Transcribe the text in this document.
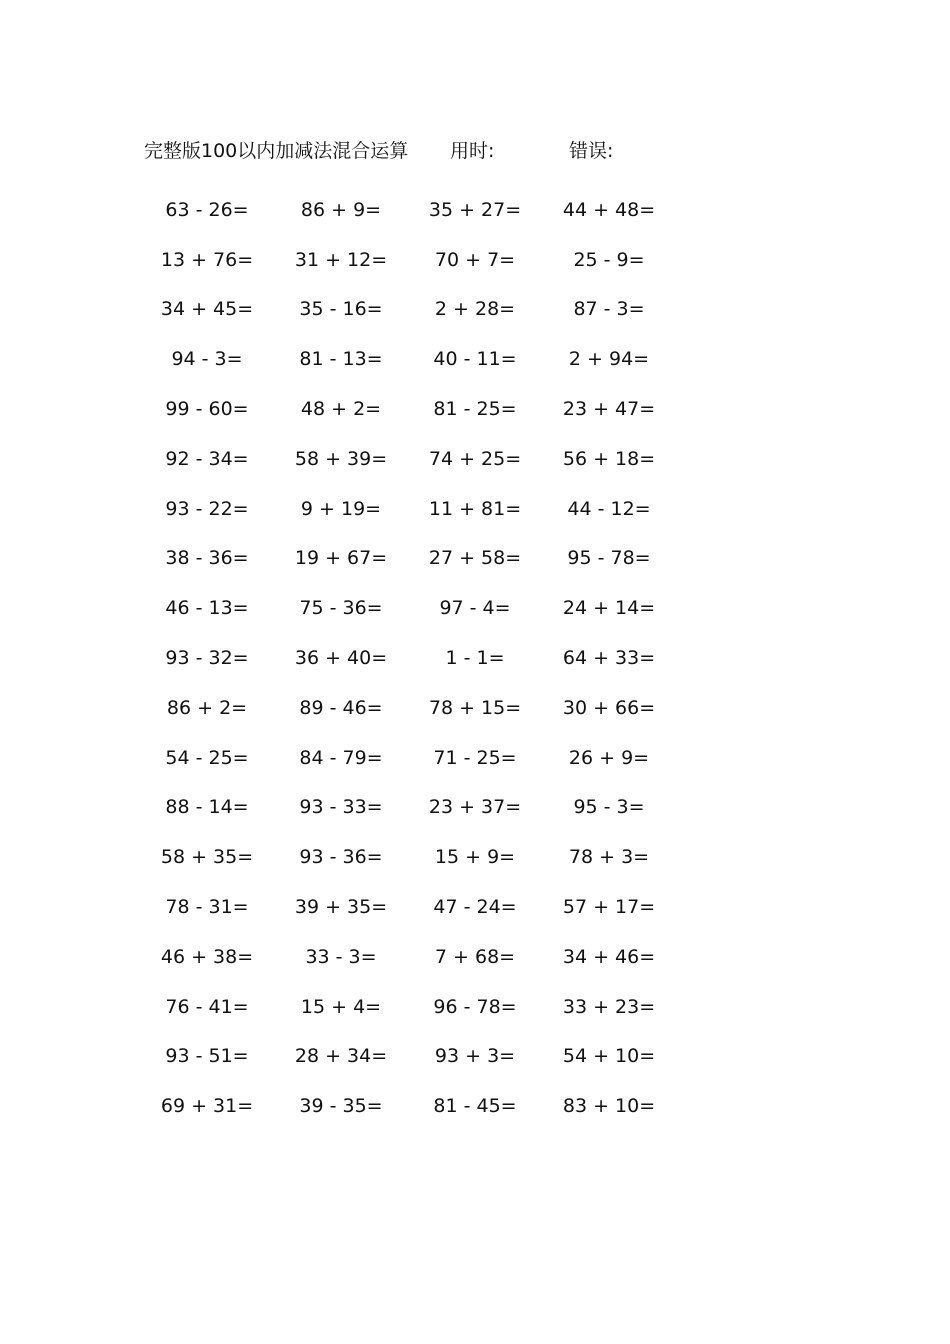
完整版100以内加减法混合运算 用时:	错误:
63 - 26=	86 + 9=	35 + 27=	44 + 48=
13 + 76=	31 + 12=	70 + 7=	25 - 9=
34 + 45=	35 - 16=	2 + 28=	87 - 3=
94 - 3=	81 - 13=	40 - 11=	2 + 94=
99 - 60=	48 + 2=	81 - 25=	23 + 47=
92 - 34=	58 + 39=	74 + 25=	56 + 18=
93 - 22=	9 + 19=	11 + 81=	44 - 12=
38 - 36=	19 + 67=	27 + 58=	95 - 78=
46 - 13=	75 - 36=	97 - 4=	24 + 14=
93 - 32=	36 + 40=	1 - 1=	64 + 33=
86 + 2=	89 - 46=	78 + 15=	30 + 66=
54 - 25=	84 - 79=	71 - 25=	26 + 9=
88 - 14=	93 - 33=	23 + 37=	95 - 3=
58 + 35=	93 - 36=	15 + 9=	78 + 3=
78 - 31=	39 + 35=	47 - 24=	57 + 17=
46 + 38=	33 - 3=	7 + 68=	34 + 46=
76 - 41=	15 + 4=	96 - 78=	33 + 23=
93 - 51=	28 + 34=	93 + 3=	54 + 10=
69 + 31=	39 - 35=	81 - 45=	83 + 10=
